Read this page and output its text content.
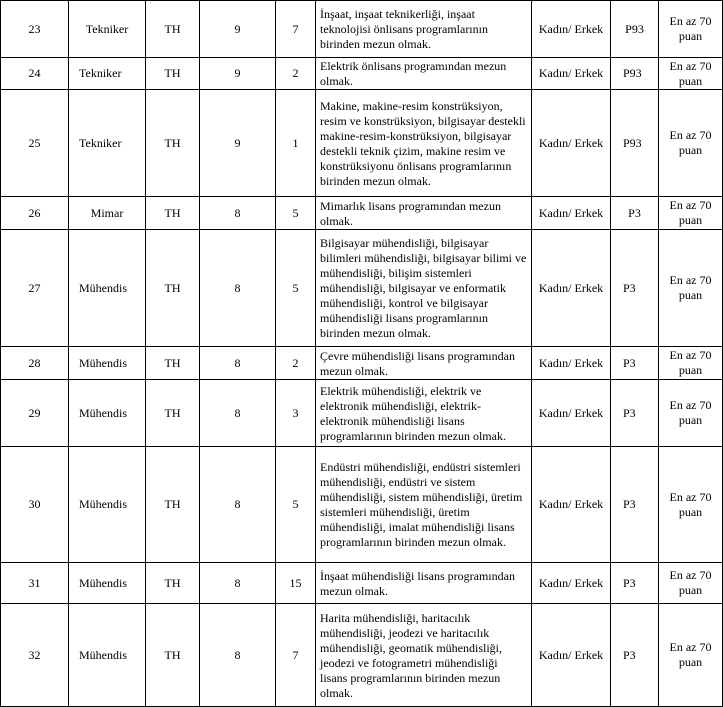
23	Tekniker	TH	9	7	İnşaat, inşaat teknikerliği, inşaat teknolojisi önlisans programlarının birinden mezun olmak.	Kadın/ Erkek	P93	En az 70 puan
24	Tekniker	TH	9	2	Elektrik önlisans programından mezun olmak.	Kadın/ Erkek	P93	En az 70 puan
25	Tekniker	TH	9	1	Makine, makine-resim konstrüksiyon, resim ve konstrüksiyon, bilgisayar destekli makine-resim-konstrüksiyon, bilgisayar destekli teknik çizim, makine resim ve konstrüksiyonu önlisans programlarının birinden mezun olmak.	Kadın/ Erkek	P93	En az 70 puan
26	Mimar	TH	8	5	Mimarlık lisans programından mezun olmak.	Kadın/ Erkek	P3	En az 70 puan
27	Mühendis	TH	8	5	Bilgisayar mühendisliği, bilgisayar bilimleri mühendisliği, bilgisayar bilimi ve mühendisliği, bilişim sistemleri mühendisliği, bilgisayar ve enformatik mühendisliği, kontrol ve bilgisayar mühendisliği lisans programlarının birinden mezun olmak.	Kadın/ Erkek	P3	En az 70 puan
28	Mühendis	TH	8	2	Çevre mühendisliği lisans programından mezun olmak.	Kadın/ Erkek	P3	En az 70 puan
29	Mühendis	TH	8	3	Elektrik mühendisliği, elektrik ve elektronik mühendisliği, elektrik-elektronik mühendisliği lisans programlarının birinden mezun olmak.	Kadın/ Erkek	P3	En az 70 puan
30	Mühendis	TH	8	5	Endüstri mühendisliği, endüstri sistemleri mühendisliği, endüstri ve sistem mühendisliği, sistem mühendisliği, üretim sistemleri mühendisliği, üretim mühendisliği, imalat mühendisliği lisans programlarının birinden mezun olmak.	Kadın/ Erkek	P3	En az 70 puan
31	Mühendis	TH	8	15	İnşaat mühendisliği lisans programından mezun olmak.	Kadın/ Erkek	P3	En az 70 puan
32	Mühendis	TH	8	7	Harita mühendisliği, haritacılık mühendisliği, jeodezi ve haritacılık mühendisliği, geomatik mühendisliği, jeodezi ve fotogrametri mühendisliği lisans programlarının birinden mezun olmak.	Kadın/ Erkek	P3	En az 70 puan
